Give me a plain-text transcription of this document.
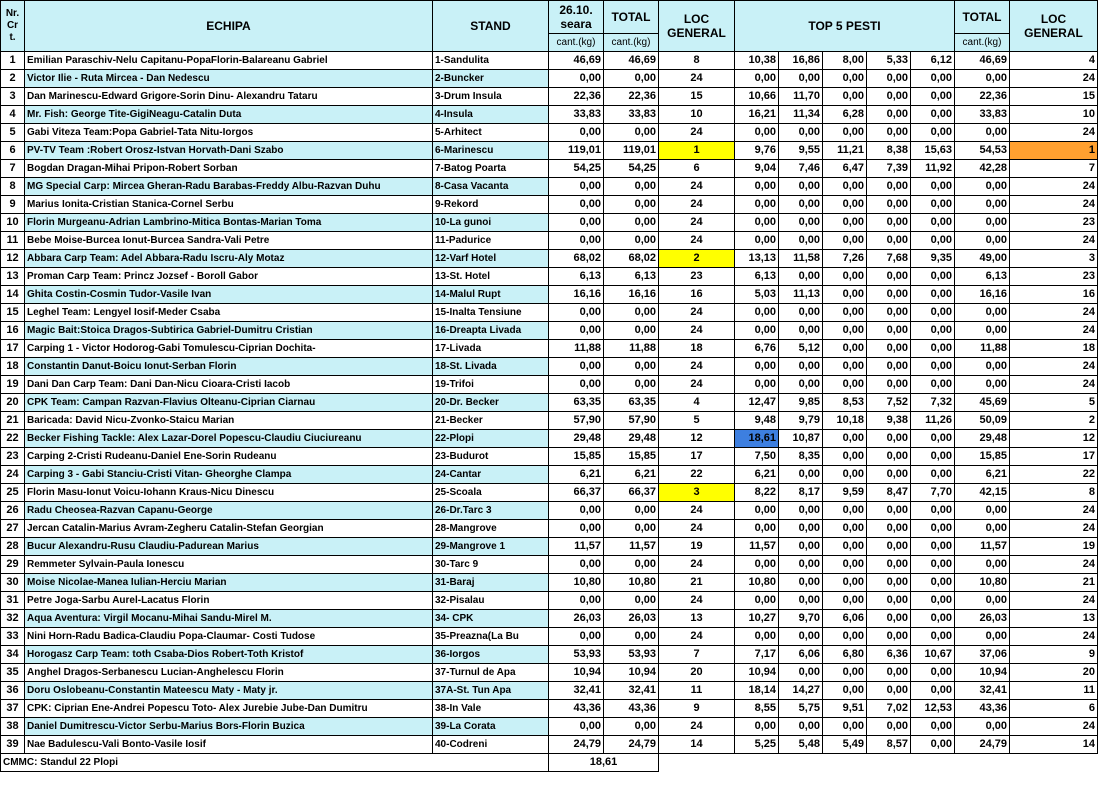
Nr.
Cr
t.	ECHIPA	STAND	26.10.
seara	TOTAL	LOC
GENERAL	TOP 5 PESTI					TOTAL	LOC
GENERAL
			cant.(kg)	cant.(kg)							cant.(kg)	
1	Emilian Paraschiv-Nelu Capitanu-PopaFlorin-Balareanu Gabriel	1-Sandulita	46,69	46,69	8	10,38	16,86	8,00	5,33	6,12	46,69	4
2	Victor Ilie - Ruta Mircea - Dan Nedescu	2-Buncker	0,00	0,00	24	0,00	0,00	0,00	0,00	0,00	0,00	24
3	Dan Marinescu-Edward Grigore-Sorin Dinu- Alexandru Tataru	3-Drum Insula	22,36	22,36	15	10,66	11,70	0,00	0,00	0,00	22,36	15
4	Mr. Fish: George Tite-GigiNeagu-Catalin Duta	4-Insula	33,83	33,83	10	16,21	11,34	6,28	0,00	0,00	33,83	10
5	Gabi Viteza Team:Popa Gabriel-Tata Nitu-Iorgos	5-Arhitect	0,00	0,00	24	0,00	0,00	0,00	0,00	0,00	0,00	24
6	PV-TV Team :Robert Orosz-Istvan Horvath-Dani Szabo	6-Marinescu	119,01	119,01	1	9,76	9,55	11,21	8,38	15,63	54,53	1
7	Bogdan Dragan-Mihai Pripon-Robert Sorban	7-Batog Poarta	54,25	54,25	6	9,04	7,46	6,47	7,39	11,92	42,28	7
8	MG Special Carp: Mircea Gheran-Radu Barabas-Freddy Albu-Razvan Duhu	8-Casa Vacanta	0,00	0,00	24	0,00	0,00	0,00	0,00	0,00	0,00	24
9	Marius Ionita-Cristian Stanica-Cornel Serbu	9-Rekord	0,00	0,00	24	0,00	0,00	0,00	0,00	0,00	0,00	24
10	Florin Murgeanu-Adrian Lambrino-Mitica Bontas-Marian Toma	10-La gunoi	0,00	0,00	24	0,00	0,00	0,00	0,00	0,00	0,00	23
11	Bebe Moise-Burcea Ionut-Burcea Sandra-Vali Petre	11-Padurice	0,00	0,00	24	0,00	0,00	0,00	0,00	0,00	0,00	24
12	Abbara Carp Team: Adel Abbara-Radu Iscru-Aly Motaz	12-Varf Hotel	68,02	68,02	2	13,13	11,58	7,26	7,68	9,35	49,00	3
13	Proman Carp Team: Princz Jozsef - Boroll Gabor	13-St. Hotel	6,13	6,13	23	6,13	0,00	0,00	0,00	0,00	6,13	23
14	Ghita Costin-Cosmin Tudor-Vasile Ivan	14-Malul Rupt	16,16	16,16	16	5,03	11,13	0,00	0,00	0,00	16,16	16
15	Leghel Team: Lengyel Iosif-Meder Csaba	15-Inalta Tensiune	0,00	0,00	24	0,00	0,00	0,00	0,00	0,00	0,00	24
16	Magic Bait:Stoica Dragos-Subtirica Gabriel-Dumitru Cristian	16-Dreapta Livada	0,00	0,00	24	0,00	0,00	0,00	0,00	0,00	0,00	24
17	Carping 1 - Victor Hodorog-Gabi Tomulescu-Ciprian Dochita-	17-Livada	11,88	11,88	18	6,76	5,12	0,00	0,00	0,00	11,88	18
18	Constantin Danut-Boicu Ionut-Serban Florin	18-St. Livada	0,00	0,00	24	0,00	0,00	0,00	0,00	0,00	0,00	24
19	Dani Dan Carp Team: Dani Dan-Nicu Cioara-Cristi Iacob	19-Trifoi	0,00	0,00	24	0,00	0,00	0,00	0,00	0,00	0,00	24
20	CPK Team: Campan Razvan-Flavius Olteanu-Ciprian Ciarnau	20-Dr. Becker	63,35	63,35	4	12,47	9,85	8,53	7,52	7,32	45,69	5
21	Baricada: David Nicu-Zvonko-Staicu Marian	21-Becker	57,90	57,90	5	9,48	9,79	10,18	9,38	11,26	50,09	2
22	Becker Fishing Tackle: Alex Lazar-Dorel Popescu-Claudiu Ciuciureanu	22-Plopi	29,48	29,48	12	18,61	10,87	0,00	0,00	0,00	29,48	12
23	Carping 2-Cristi Rudeanu-Daniel Ene-Sorin Rudeanu	23-Budurot	15,85	15,85	17	7,50	8,35	0,00	0,00	0,00	15,85	17
24	Carping 3 - Gabi Stanciu-Cristi Vitan- Gheorghe Clampa	24-Cantar	6,21	6,21	22	6,21	0,00	0,00	0,00	0,00	6,21	22
25	Florin Masu-Ionut Voicu-Iohann Kraus-Nicu Dinescu	25-Scoala	66,37	66,37	3	8,22	8,17	9,59	8,47	7,70	42,15	8
26	Radu Cheosea-Razvan Capanu-George	26-Dr.Tarc 3	0,00	0,00	24	0,00	0,00	0,00	0,00	0,00	0,00	24
27	Jercan Catalin-Marius Avram-Zegheru Catalin-Stefan Georgian	28-Mangrove	0,00	0,00	24	0,00	0,00	0,00	0,00	0,00	0,00	24
28	Bucur Alexandru-Rusu Claudiu-Padurean Marius	29-Mangrove 1	11,57	11,57	19	11,57	0,00	0,00	0,00	0,00	11,57	19
29	Remmeter Sylvain-Paula Ionescu	30-Tarc 9	0,00	0,00	24	0,00	0,00	0,00	0,00	0,00	0,00	24
30	Moise Nicolae-Manea Iulian-Herciu Marian	31-Baraj	10,80	10,80	21	10,80	0,00	0,00	0,00	0,00	10,80	21
31	Petre Joga-Sarbu Aurel-Lacatus Florin	32-Pisalau	0,00	0,00	24	0,00	0,00	0,00	0,00	0,00	0,00	24
32	Aqua Aventura: Virgil Mocanu-Mihai Sandu-Mirel M.	34- CPK	26,03	26,03	13	10,27	9,70	6,06	0,00	0,00	26,03	13
33	Nini Horn-Radu Badica-Claudiu Popa-Claumar- Costi Tudose	35-Preazna(La Bu	0,00	0,00	24	0,00	0,00	0,00	0,00	0,00	0,00	24
34	Horogasz Carp Team: toth Csaba-Dios Robert-Toth Kristof	36-Iorgos	53,93	53,93	7	7,17	6,06	6,80	6,36	10,67	37,06	9
35	Anghel Dragos-Serbanescu Lucian-Anghelescu Florin	37-Turnul de Apa	10,94	10,94	20	10,94	0,00	0,00	0,00	0,00	10,94	20
36	Doru Oslobeanu-Constantin Mateescu Maty - Maty jr.	37A-St. Tun Apa	32,41	32,41	11	18,14	14,27	0,00	0,00	0,00	32,41	11
37	CPK: Ciprian Ene-Andrei Popescu Toto- Alex Jurebie Jube-Dan Dumitru	38-In Vale	43,36	43,36	9	8,55	5,75	9,51	7,02	12,53	43,36	6
38	Daniel Dumitrescu-Victor Serbu-Marius Bors-Florin Buzica	39-La Corata	0,00	0,00	24	0,00	0,00	0,00	0,00	0,00	0,00	24
39	Nae Badulescu-Vali Bonto-Vasile Iosif	40-Codreni	24,79	24,79	14	5,25	5,48	5,49	8,57	0,00	24,79	14
CMMC: Standul 22 Plopi			18,61									
